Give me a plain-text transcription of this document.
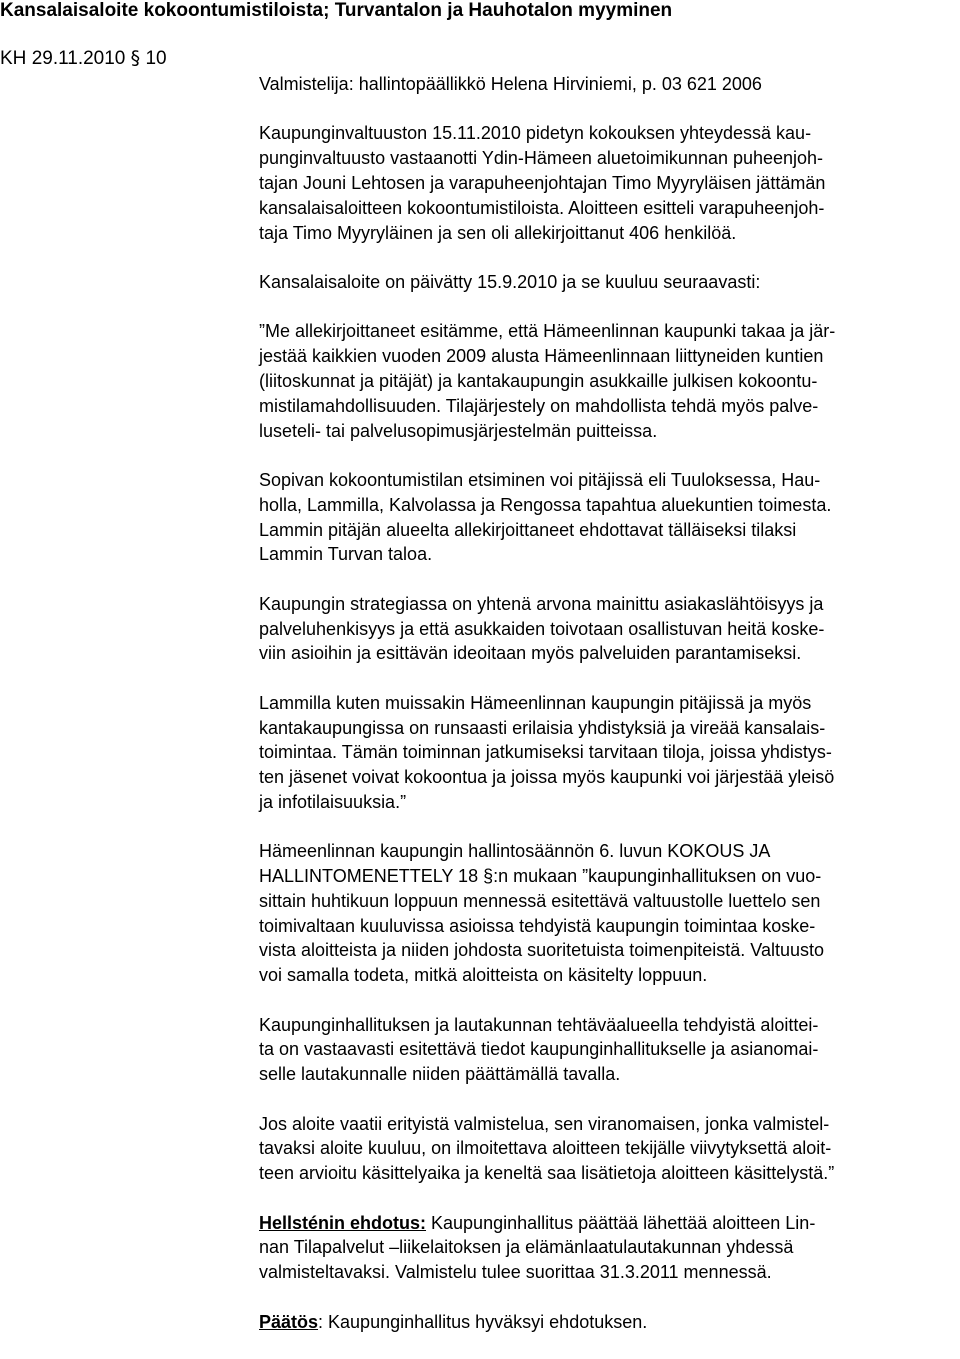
Kansalaisaloite kokoontumistiloista; Turvantalon ja Hauhotalon myyminen
KH 29.11.2010 § 10

Valmistelija: hallintopäällikkö Helena Hirviniemi, p. 03 621 2006

Kaupunginvaltuuston 15.11.2010 pidetyn kokouksen yhteydessä kau-
punginvaltuusto vastaanotti Ydin-Hämeen aluetoimikunnan puheenjoh-
tajan Jouni Lehtosen ja varapuheenjohtajan Timo Myyryläisen jättämän
kansalaisaloitteen kokoontumistiloista. Aloitteen esitteli varapuheenjoh-
taja Timo Myyryläinen ja sen oli allekirjoittanut 406 henkilöä.

Kansalaisaloite on päivätty 15.9.2010 ja se kuuluu seuraavasti:

”Me allekirjoittaneet esitämme, että Hämeenlinnan kaupunki takaa ja jär-
jestää kaikkien vuoden 2009 alusta Hämeenlinnaan liittyneiden kuntien
(liitoskunnat ja pitäjät) ja kantakaupungin asukkaille julkisen kokoontu-
mistilamahdollisuuden. Tilajärjestely on mahdollista tehdä myös palve-
luseteli- tai palvelusopimusjärjestelmän puitteissa.

Sopivan kokoontumistilan etsiminen voi pitäjissä eli Tuuloksessa, Hau-
holla, Lammilla, Kalvolassa ja Rengossa tapahtua aluekuntien toimesta.
Lammin pitäjän alueelta allekirjoittaneet ehdottavat tälläiseksi tilaksi
Lammin Turvan taloa.

Kaupungin strategiassa on yhtenä arvona mainittu asiakaslähtöisyys ja
palveluhenkisyys ja että asukkaiden toivotaan osallistuvan heitä koske-
viin asioihin ja esittävän ideoitaan myös palveluiden parantamiseksi.

Lammilla kuten muissakin Hämeenlinnan kaupungin pitäjissä ja myös
kantakaupungissa on runsaasti erilaisia yhdistyksiä ja vireää kansalais-
toimintaa. Tämän toiminnan jatkumiseksi tarvitaan tiloja, joissa yhdistys-
ten jäsenet voivat kokoontua ja joissa myös kaupunki voi järjestää yleisö
ja infotilaisuuksia.”

Hämeenlinnan kaupungin hallintosäännön 6. luvun KOKOUS JA
HALLINTOMENETTELY 18 §:n mukaan ”kaupunginhallituksen on vuo-
sittain huhtikuun loppuun mennessä esitettävä valtuustolle luettelo sen
toimivaltaan kuuluvissa asioissa tehdyistä kaupungin toimintaa koske-
vista aloitteista ja niiden johdosta suoritetuista toimenpiteistä. Valtuusto
voi samalla todeta, mitkä aloitteista on käsitelty loppuun.

Kaupunginhallituksen ja lautakunnan tehtäväalueella tehdyistä aloittei-
ta on vastaavasti esitettävä tiedot kaupunginhallitukselle ja asianomai-
selle lautakunnalle niiden päättämällä tavalla.

Jos aloite vaatii erityistä valmistelua, sen viranomaisen, jonka valmistel-
tavaksi aloite kuuluu, on ilmoitettava aloitteen tekijälle viivytyksettä aloit-
teen arvioitu käsittelyaika ja keneltä saa lisätietoja aloitteen käsittelystä.”

Hellsténin ehdotus: Kaupunginhallitus päättää lähettää aloitteen Lin-
nan Tilapalvelut –liikelaitoksen ja elämänlaatulautakunnan yhdessä
valmisteltavaksi. Valmistelu tulee suorittaa 31.3.2011 mennessä.

Päätös: Kaupunginhallitus hyväksyi ehdotuksen.
